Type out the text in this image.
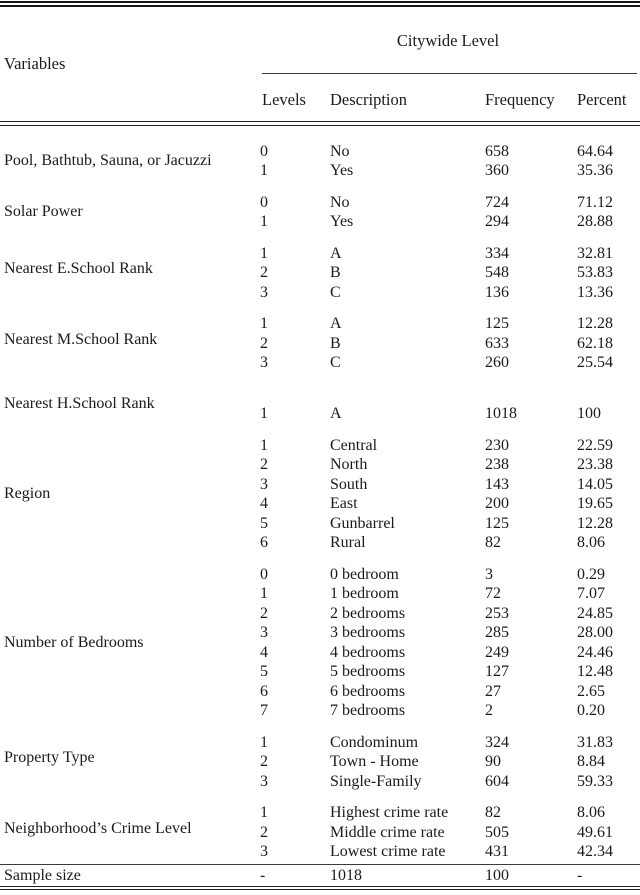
Variables
Citywide Level
Levels	Description	Frequency	Percent
Pool, Bathtub, Sauna, or Jacuzzi
0	No	658	64.64
1	Yes	360	35.36
Solar Power
0	No	724	71.12
1	Yes	294	28.88
Nearest E.School Rank
1	A	334	32.81
2	B	548	53.83
3	C	136	13.36
Nearest M.School Rank
1	A	125	12.28
2	B	633	62.18
3	C	260	25.54
Nearest H.School Rank
1	A	1018	100
Region
1	Central	230	22.59
2	North	238	23.38
3	South	143	14.05
4	East	200	19.65
5	Gunbarrel	125	12.28
6	Rural	82	8.06
Number of Bedrooms
0	0 bedroom	3	0.29
1	1 bedroom	72	7.07
2	2 bedrooms	253	24.85
3	3 bedrooms	285	28.00
4	4 bedrooms	249	24.46
5	5 bedrooms	127	12.48
6	6 bedrooms	27	2.65
7	7 bedrooms	2	0.20
Property Type
1	Condominum	324	31.83
2	Town - Home	90	8.84
3	Single-Family	604	59.33
Neighborhood’s Crime Level
1	Highest crime rate	82	8.06
2	Middle crime rate	505	49.61
3	Lowest crime rate	431	42.34
Sample size	-	1018	100	-
